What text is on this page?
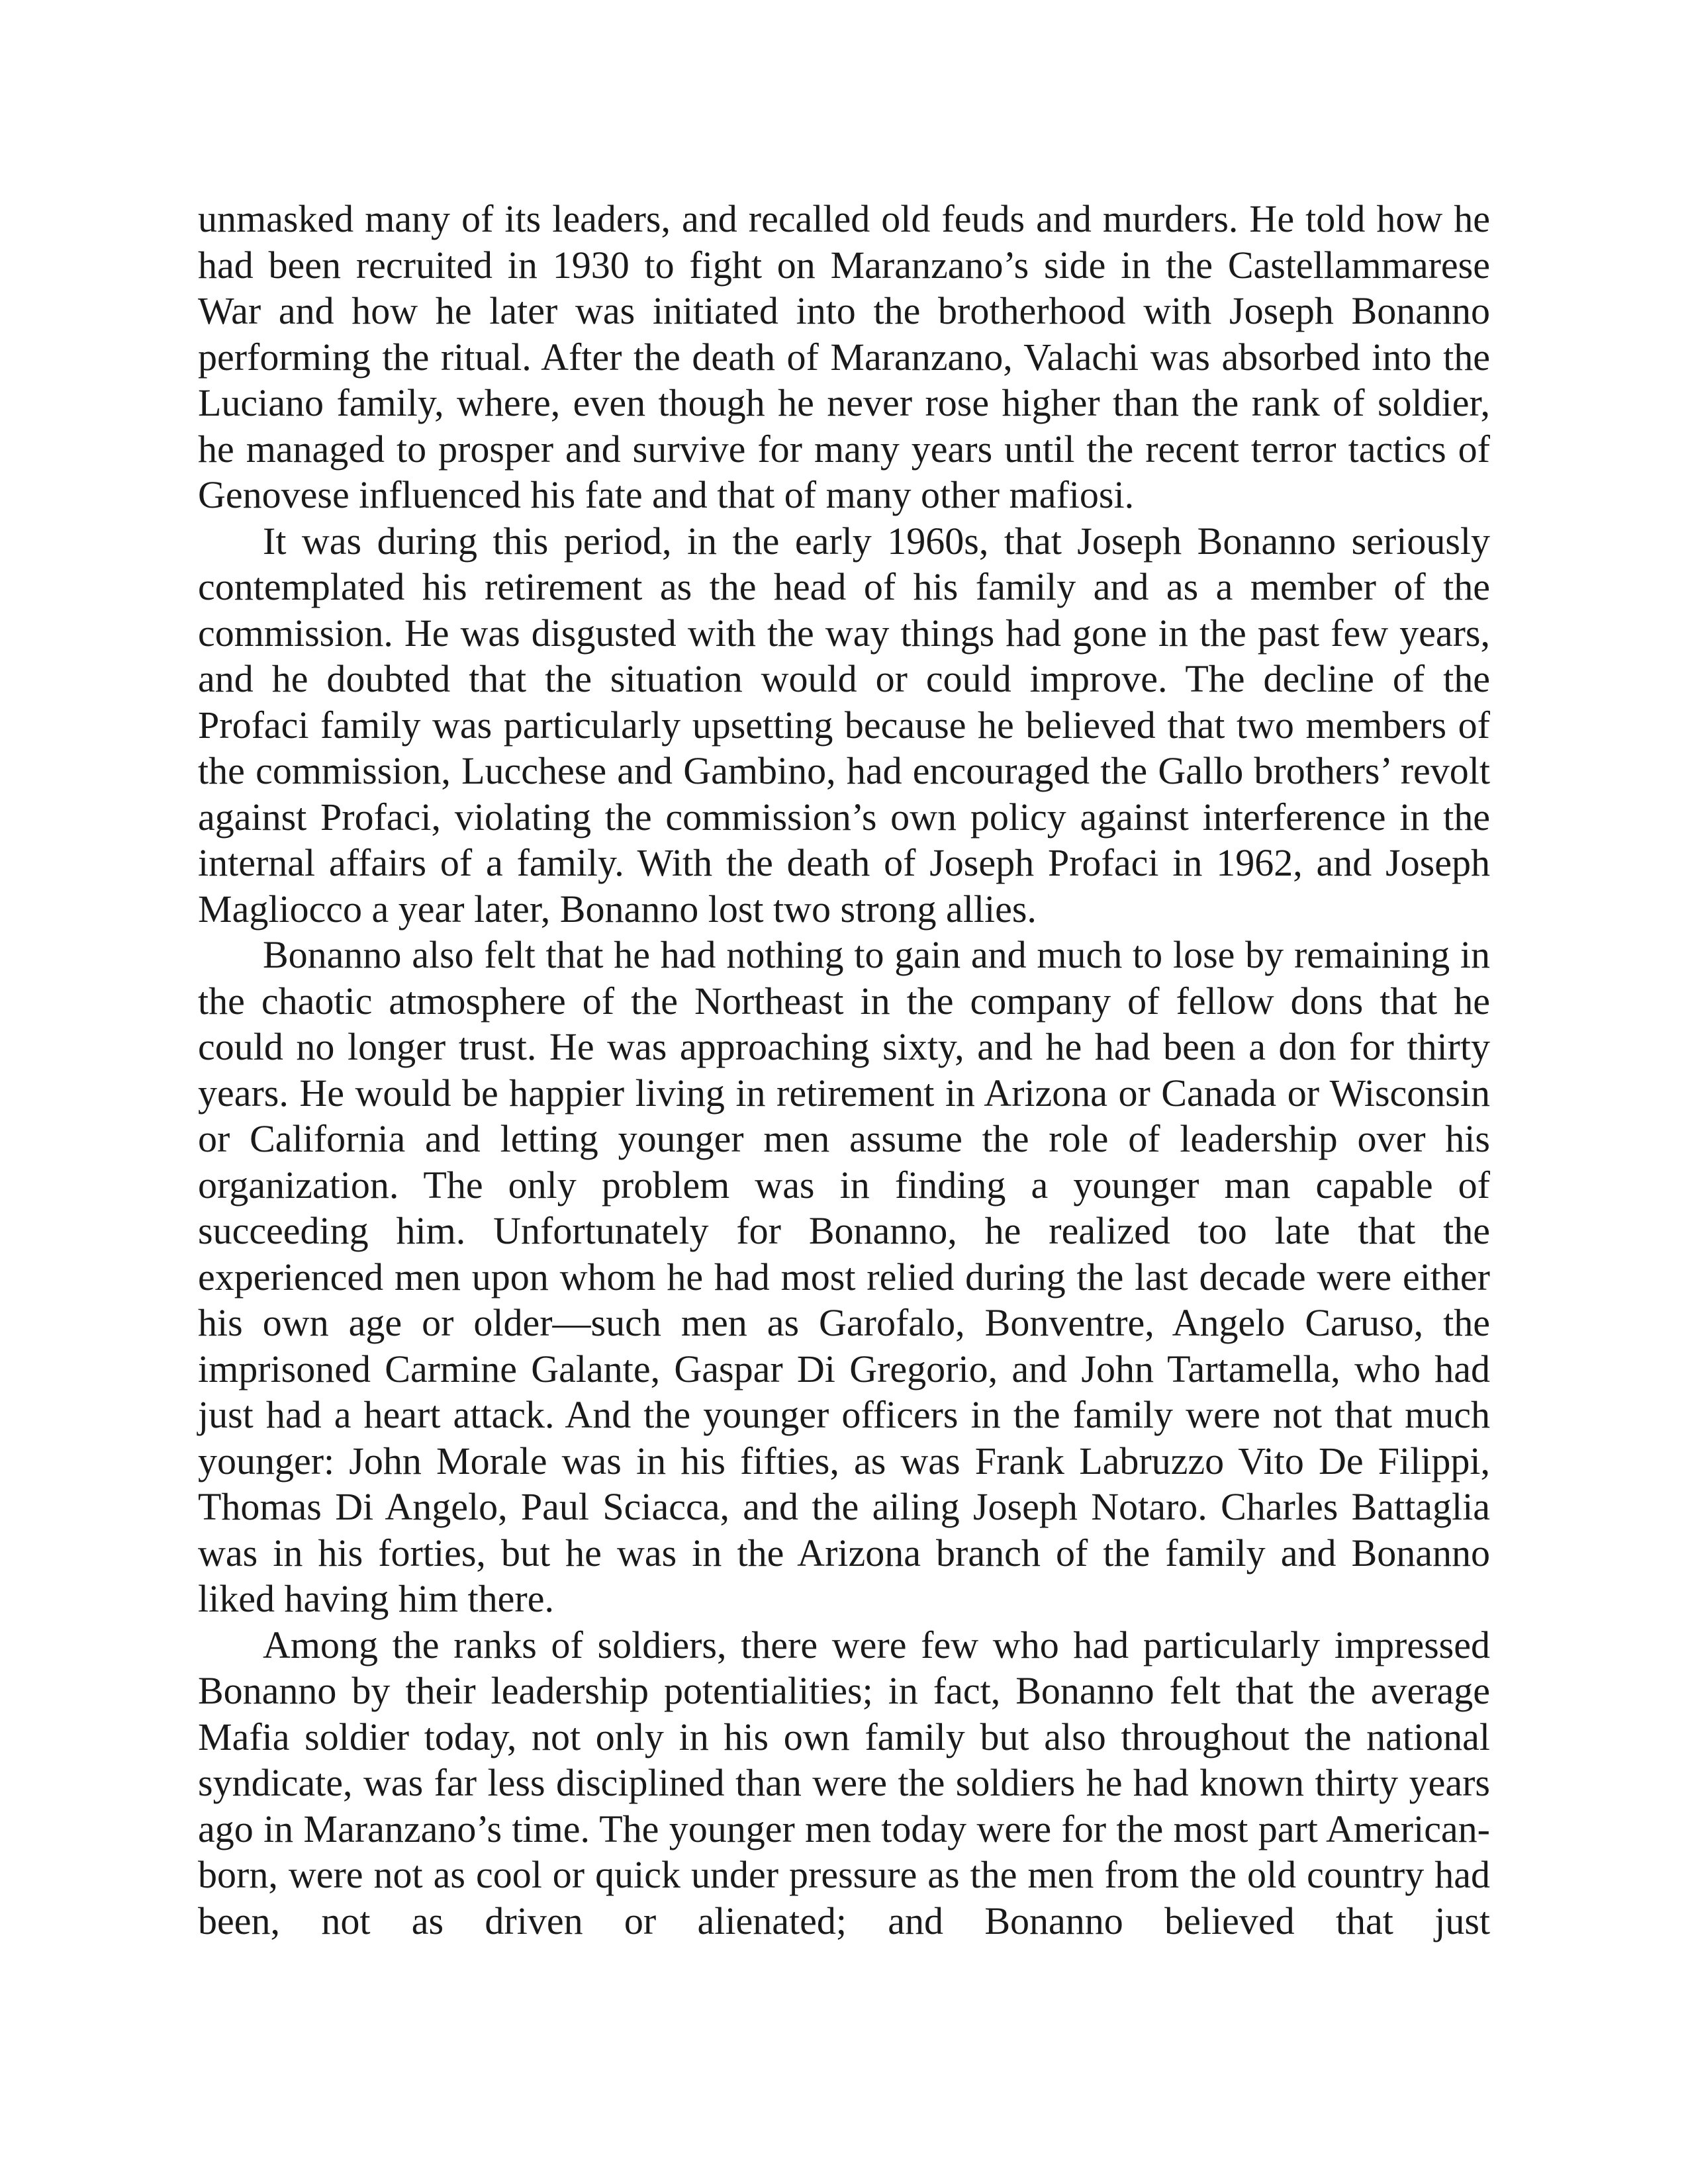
unmasked many of its leaders, and recalled old feuds and murders. He told how he had been recruited in 1930 to fight on Maranzano’s side in the Castellammarese War and how he later was initiated into the brotherhood with Joseph Bonanno performing the ritual. After the death of Maranzano, Valachi was absorbed into the Luciano family, where, even though he never rose higher than the rank of soldier, he managed to prosper and survive for many years until the recent terror tactics of Genovese influenced his fate and that of many other mafiosi.

It was during this period, in the early 1960s, that Joseph Bonanno seriously contemplated his retirement as the head of his family and as a member of the commission. He was disgusted with the way things had gone in the past few years, and he doubted that the situation would or could improve. The decline of the Profaci family was particularly upsetting because he believed that two members of the commission, Lucchese and Gambino, had encouraged the Gallo brothers’ revolt against Profaci, violating the commission’s own policy against interference in the internal affairs of a family. With the death of Joseph Profaci in 1962, and Joseph Magliocco a year later, Bonanno lost two strong allies.

Bonanno also felt that he had nothing to gain and much to lose by remaining in the chaotic atmosphere of the Northeast in the company of fellow dons that he could no longer trust. He was approaching sixty, and he had been a don for thirty years. He would be happier living in retirement in Arizona or Canada or Wisconsin or California and letting younger men assume the role of leadership over his organization. The only problem was in finding a younger man capable of succeeding him. Unfortunately for Bonanno, he realized too late that the experienced men upon whom he had most relied during the last decade were either his own age or older—such men as Garofalo, Bonventre, Angelo Caruso, the imprisoned Carmine Galante, Gaspar Di Gregorio, and John Tartamella, who had just had a heart attack. And the younger officers in the family were not that much younger: John Morale was in his fifties, as was Frank Labruzzo Vito De Filippi, Thomas Di Angelo, Paul Sciacca, and the ailing Joseph Notaro. Charles Battaglia was in his forties, but he was in the Arizona branch of the family and Bonanno liked having him there.

Among the ranks of soldiers, there were few who had particularly impressed Bonanno by their leadership potentialities; in fact, Bonanno felt that the average Mafia soldier today, not only in his own family but also throughout the national syndicate, was far less disciplined than were the soldiers he had known thirty years ago in Maranzano’s time. The younger men today were for the most part American-born, were not as cool or quick under pressure as the men from the old country had been, not as driven or alienated; and Bonanno believed that just
